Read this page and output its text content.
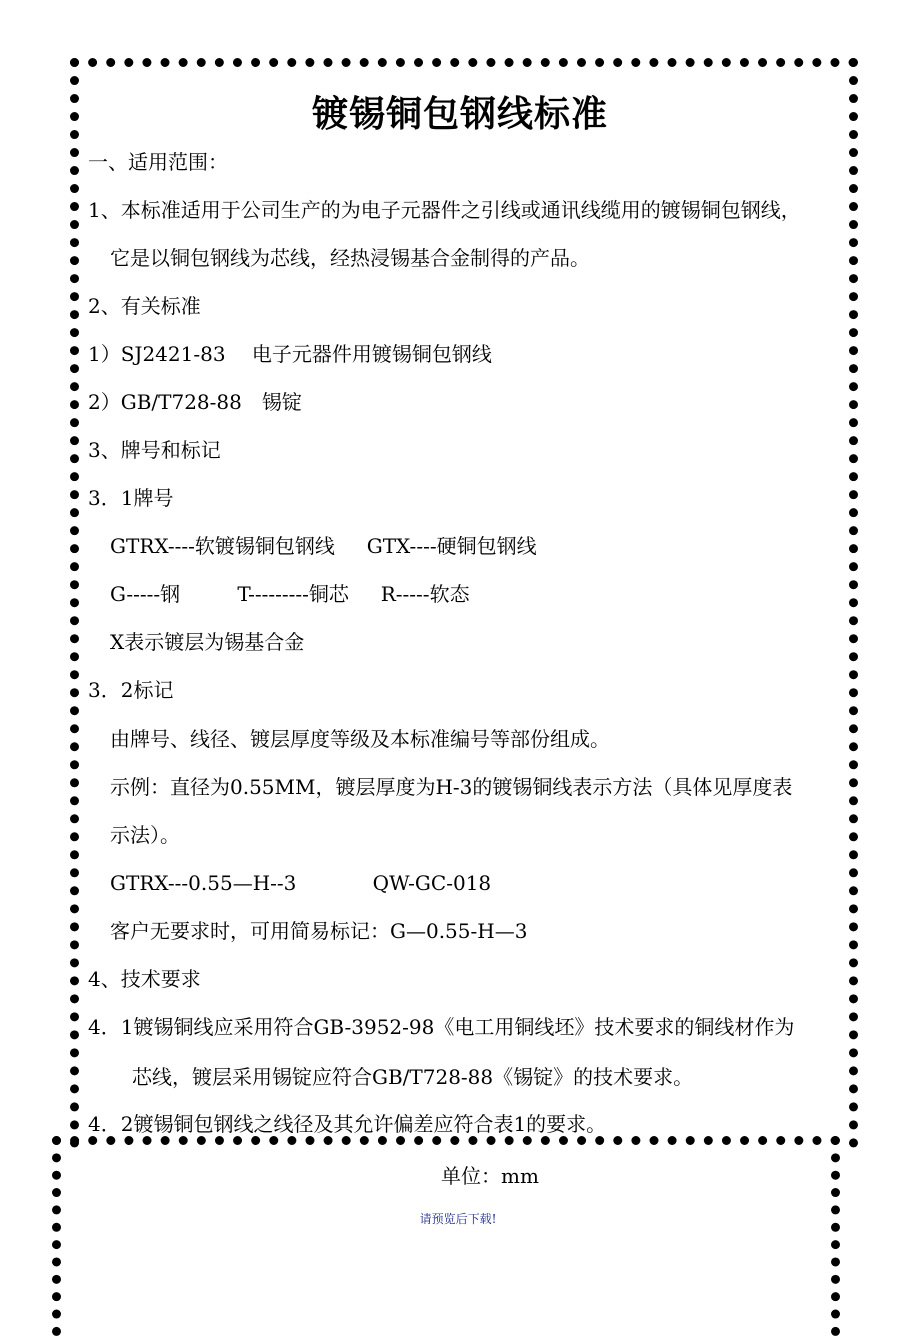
镀锡铜包钢线标准
一、适用范围：
1、本标准适用于公司生产的为电子元器件之引线或通讯线缆用的镀锡铜包钢线，
它是以铜包钢线为芯线，经热浸锡基合金制得的产品。
2、有关标准
1）SJ2421-83　 电子元器件用镀锡铜包钢线
2）GB/T728-88　锡锭
3、牌号和标记
3．1牌号
GTRX----软镀锡铜包钢线     GTX----硬铜包钢线
G-----钢         T---------铜芯     R-----软态
X表示镀层为锡基合金
3．2标记
由牌号、线径、镀层厚度等级及本标准编号等部份组成。
示例：直径为0.55MM，镀层厚度为H-3的镀锡铜线表示方法（具体见厚度表
示法）。
GTRX---0.55—H--3            QW-GC-018
客户无要求时，可用简易标记：G—0.55-H—3
4、技术要求
4．1镀锡铜线应采用符合GB-3952-98《电工用铜线坯》技术要求的铜线材作为
芯线，镀层采用锡锭应符合GB/T728-88《锡锭》的技术要求。
4．2镀锡铜包钢线之线径及其允许偏差应符合表1的要求。
单位：mm
请预览后下载!
